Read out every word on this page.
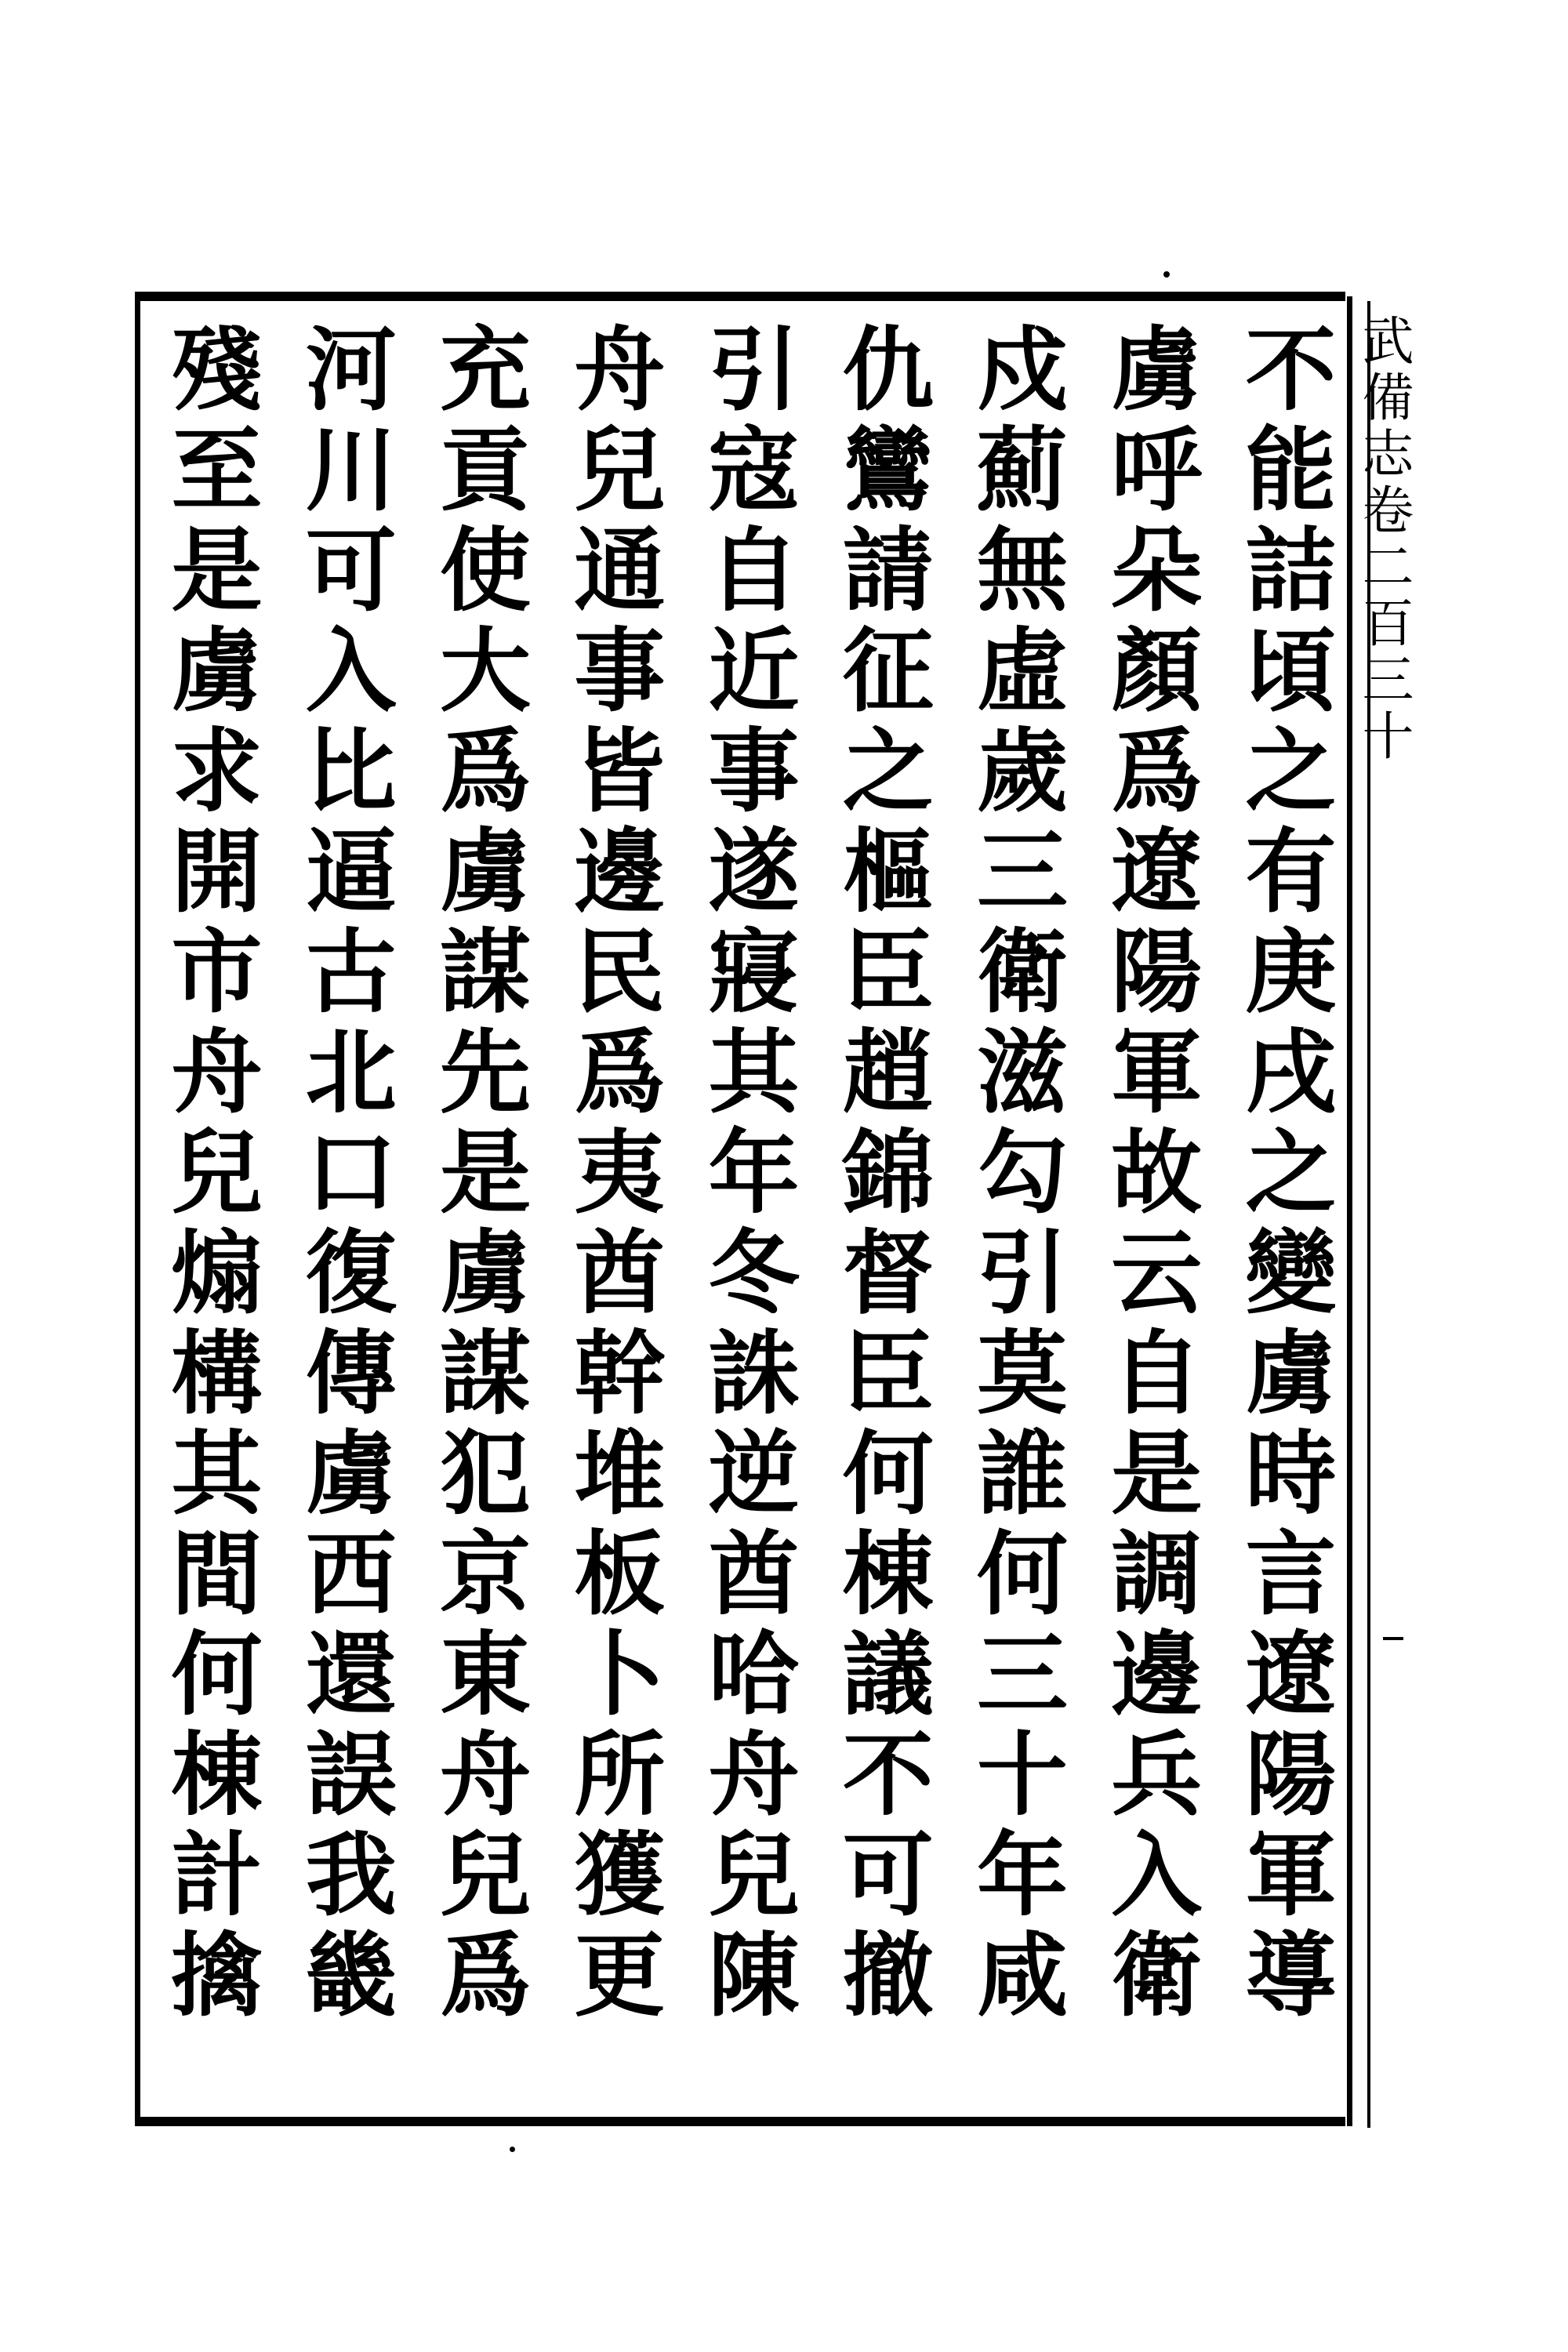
武備志卷二百三十
不能詰頃之有庚戌之變虜時言遼陽軍導
虜呼朵顏爲遼陽軍故云自是調邊兵入衛
戍薊無虛歲三衛滋勾引莫誰何三十年咸
仇鸞請征之樞臣趙錦督臣何棟議不可撤
引寇自近事遂寢其年冬誅逆酋哈舟兒陳
舟兒通事皆邊民爲夷酋幹堆板卜所獲更
充貢使大爲虜謀先是虜謀犯京東舟兒爲
河川可入比逼古北口復傳虜西還誤我畿
殘至是虜求開市舟兒煽構其間何棟計擒
